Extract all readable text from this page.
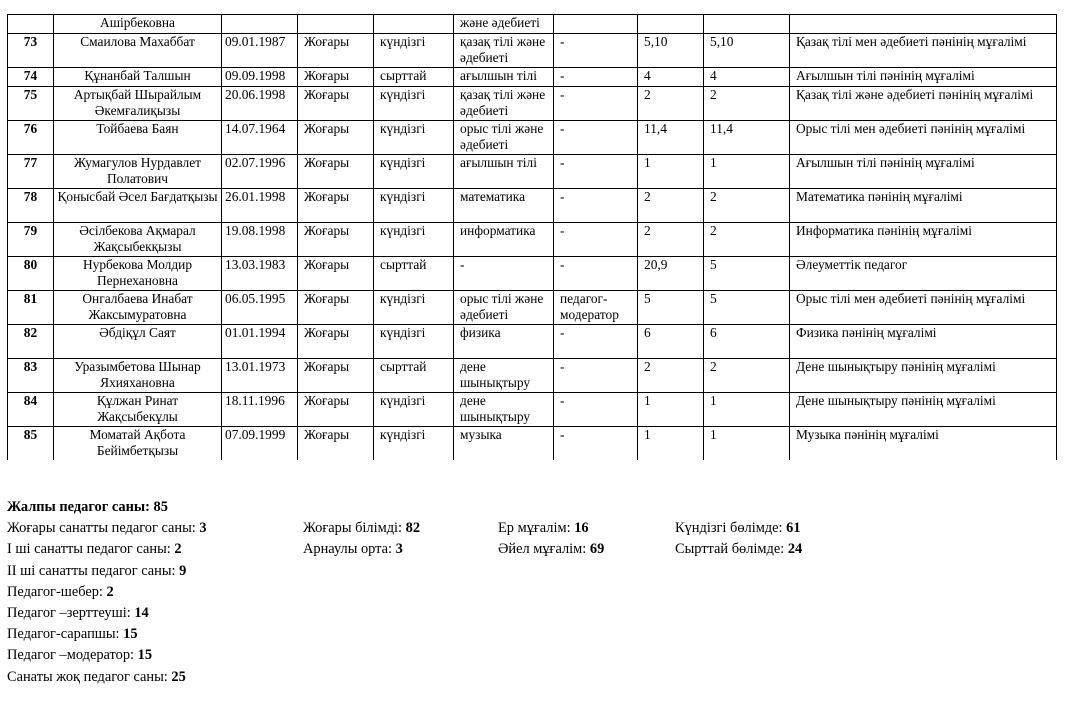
	Ашірбековна				және әдебиеті				
73	Смаилова Махаббат	09.01.1987	Жоғары	күндізгі	қазақ тілі және әдебиеті	-	5,10	5,10	Қазақ тілі мен әдебиеті пәнінің мұғалімі
74	Құнанбай Талшын	09.09.1998	Жоғары	сырттай	ағылшын тілі	-	4	4	Ағылшын тілі пәнінің мұғалімі
75	Артықбай Шырайлым Әкемғалиқызы	20.06.1998	Жоғары	күндізгі	қазақ тілі және әдебиеті	-	2	2	Қазақ тілі және әдебиеті пәнінің мұғалімі
76	Тойбаева Баян	14.07.1964	Жоғары	күндізгі	орыс тілі және әдебиеті	-	11,4	11,4	Орыс тілі мен әдебиеті пәнінің мұғалімі
77	Жумагулов Нурдавлет Полатович	02.07.1996	Жоғары	күндізгі	ағылшын тілі	-	1	1	Ағылшын тілі пәнінің мұғалімі
78	Қонысбай Әсел Бағдатқызы	26.01.1998	Жоғары	күндізгі	математика	-	2	2	Математика пәнінің мұғалімі
79	Әсілбекова Ақмарал Жақсыбекқызы	19.08.1998	Жоғары	күндізгі	информатика	-	2	2	Информатика пәнінің мұғалімі
80	Нурбекова Молдир Пернехановна	13.03.1983	Жоғары	сырттай	-	-	20,9	5	Әлеуметтік педагог
81	Онгалбаева Инабат Жаксымуратовна	06.05.1995	Жоғары	күндізгі	орыс тілі және әдебиеті	педагог-модератор	5	5	Орыс тілі мен әдебиеті пәнінің мұғалімі
82	Әбдіқұл Саят	01.01.1994	Жоғары	күндізгі	физика	-	6	6	Физика пәнінің мұғалімі
83	Уразымбетова Шынар Яхияхановна	13.01.1973	Жоғары	сырттай	дене шынықтыру	-	2	2	Дене шынықтыру пәнінің мұғалімі
84	Құлжан Ринат Жақсыбекұлы	18.11.1996	Жоғары	күндізгі	дене шынықтыру	-	1	1	Дене шынықтыру пәнінің мұғалімі
85	Моматай Ақбота Бейімбетқызы	07.09.1999	Жоғары	күндізгі	музыка	-	1	1	Музыка пәнінің мұғалімі
Жалпы педагог саны: 85
Жоғары санатты педагог саны: 3	Жоғары білімді: 82	Ер мұғалім: 16	Күндізгі бөлімде: 61
І ші санатты педагог саны: 2	Арнаулы орта: 3	Әйел мұғалім: 69	Сырттай бөлімде: 24
ІІ ші санатты педагог саны: 9
Педагог-шебер: 2
Педагог –зерттеуші: 14
Педагог-сарапшы: 15
Педагог –модератор: 15
Санаты жоқ педагог саны: 25
